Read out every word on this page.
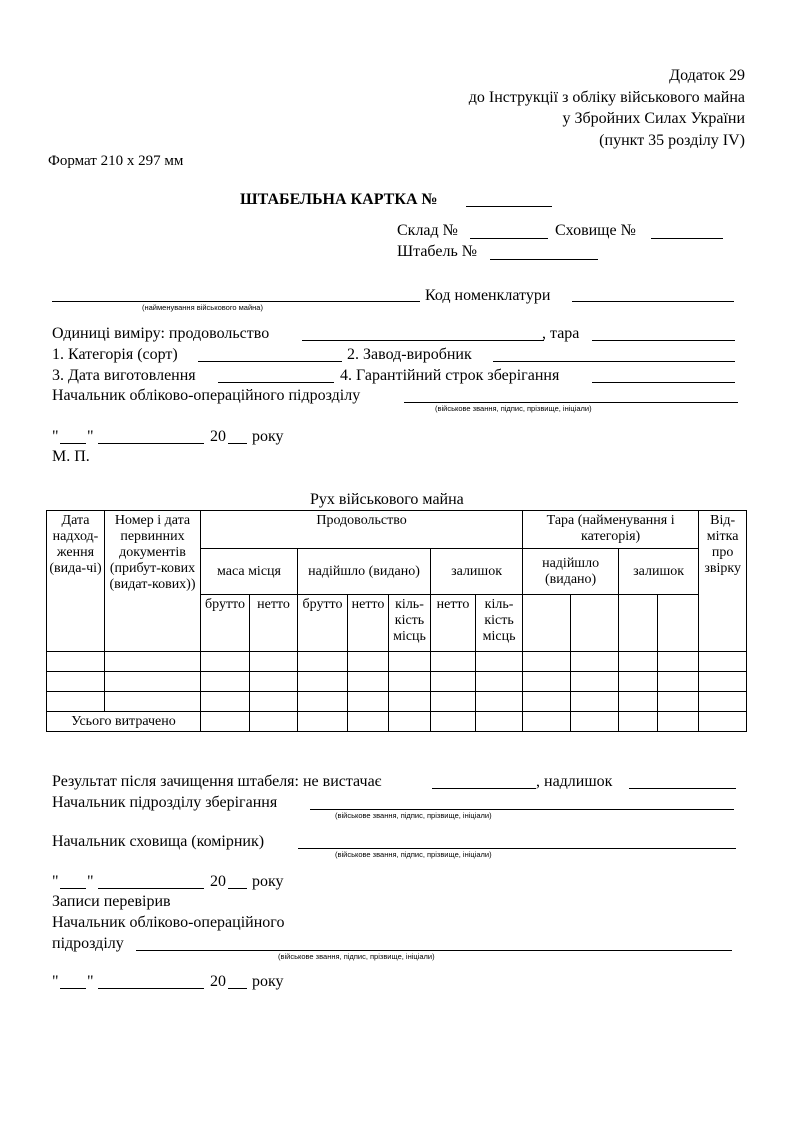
Додаток 29
до Інструкції з обліку військового майна
у Збройних Силах України
(пункт 35 розділу IV)
Формат 210 х 297 мм
ШТАБЕЛЬНА КАРТКА №
Склад №	Сховище №
Штабель №
(найменування військового майна)
Код номенклатури
Одиниці виміру: продовольство	, тара
1. Категорія (сорт)	2. Завод-виробник
3. Дата виготовлення	4. Гарантійний строк зберігання
Начальник обліково-операційного підрозділу
(військове звання, підпис, прізвище, ініціали)
" "	20 року
М. П.
Рух військового майна
Дата надход-ження (вида-чі)	Номер і дата первинних документів (прибут-кових (видат-кових))	Продовольство							Тара (найменування і категорія)				Від-мітка про звірку
		маса місця		надійшло (видано)			залишок		надійшло (видано)		залишок		
		брутто	нетто	брутто	нетто	кіль-кість місць	нетто	кіль-кість місць					

Усього витрачено													
Результат після зачищення штабеля: не вистачає	, надлишок
Начальник підрозділу зберігання
(військове звання, підпис, прізвище, ініціали)
Начальник сховища (комірник)
(військове звання, підпис, прізвище, ініціали)
" "	20 року
Записи перевірив
Начальник обліково-операційного
підрозділу
(військове звання, підпис, прізвище, ініціали)
" "	20 року
